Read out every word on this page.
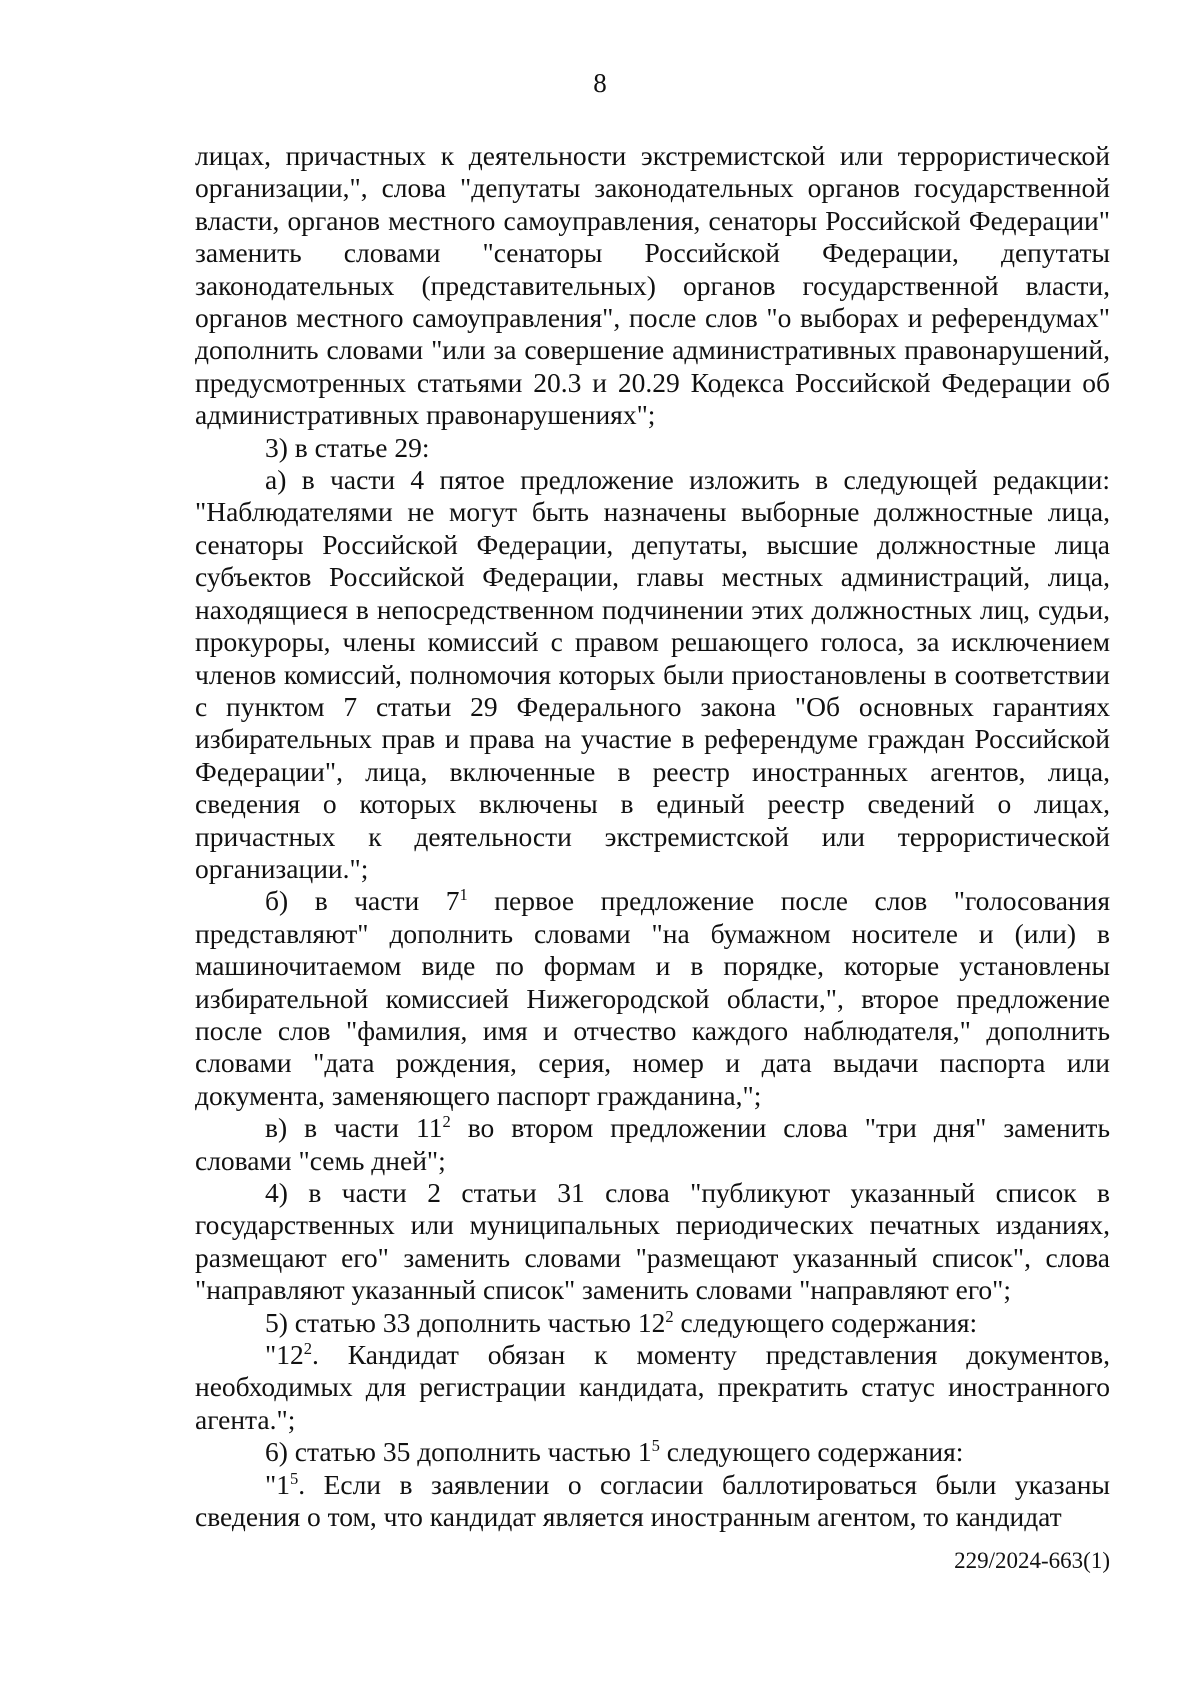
8

лицах, причастных к деятельности экстремистской или террористической организации,", слова "депутаты законодательных органов государственной власти, органов местного самоуправления, сенаторы Российской Федерации" заменить словами "сенаторы Российской Федерации, депутаты законодательных (представительных) органов государственной власти, органов местного самоуправления", после слов "о выборах и референдумах" дополнить словами "или за совершение административных правонарушений, предусмотренных статьями 20.3 и 20.29 Кодекса Российской Федерации об административных правонарушениях";

3) в статье 29:

а) в части 4 пятое предложение изложить в следующей редакции: "Наблюдателями не могут быть назначены выборные должностные лица, сенаторы Российской Федерации, депутаты, высшие должностные лица субъектов Российской Федерации, главы местных администраций, лица, находящиеся в непосредственном подчинении этих должностных лиц, судьи, прокуроры, члены комиссий с правом решающего голоса, за исключением членов комиссий, полномочия которых были приостановлены в соответствии с пунктом 7 статьи 29 Федерального закона "Об основных гарантиях избирательных прав и права на участие в референдуме граждан Российской Федерации", лица, включенные в реестр иностранных агентов, лица, сведения о которых включены в единый реестр сведений о лицах, причастных к деятельности экстремистской или террористической организации.";

б) в части $7^1$ первое предложение после слов "голосования представляют" дополнить словами "на бумажном носителе и (или) в машиночитаемом виде по формам и в порядке, которые установлены избирательной комиссией Нижегородской области,", второе предложение после слов "фамилия, имя и отчество каждого наблюдателя," дополнить словами "дата рождения, серия, номер и дата выдачи паспорта или документа, заменяющего паспорт гражданина,";

в) в части $11^2$ во втором предложении слова "три дня" заменить словами "семь дней";

4) в части 2 статьи 31 слова "публикуют указанный список в государственных или муниципальных периодических печатных изданиях, размещают его" заменить словами "размещают указанный список", слова "направляют указанный список" заменить словами "направляют его";

5) статью 33 дополнить частью $12^2$ следующего содержания:

"$12^2$. Кандидат обязан к моменту представления документов, необходимых для регистрации кандидата, прекратить статус иностранного агента.";

6) статью 35 дополнить частью $1^5$ следующего содержания:

"$1^5$. Если в заявлении о согласии баллотироваться были указаны сведения о том, что кандидат является иностранным агентом, то кандидат

229/2024-663(1)
